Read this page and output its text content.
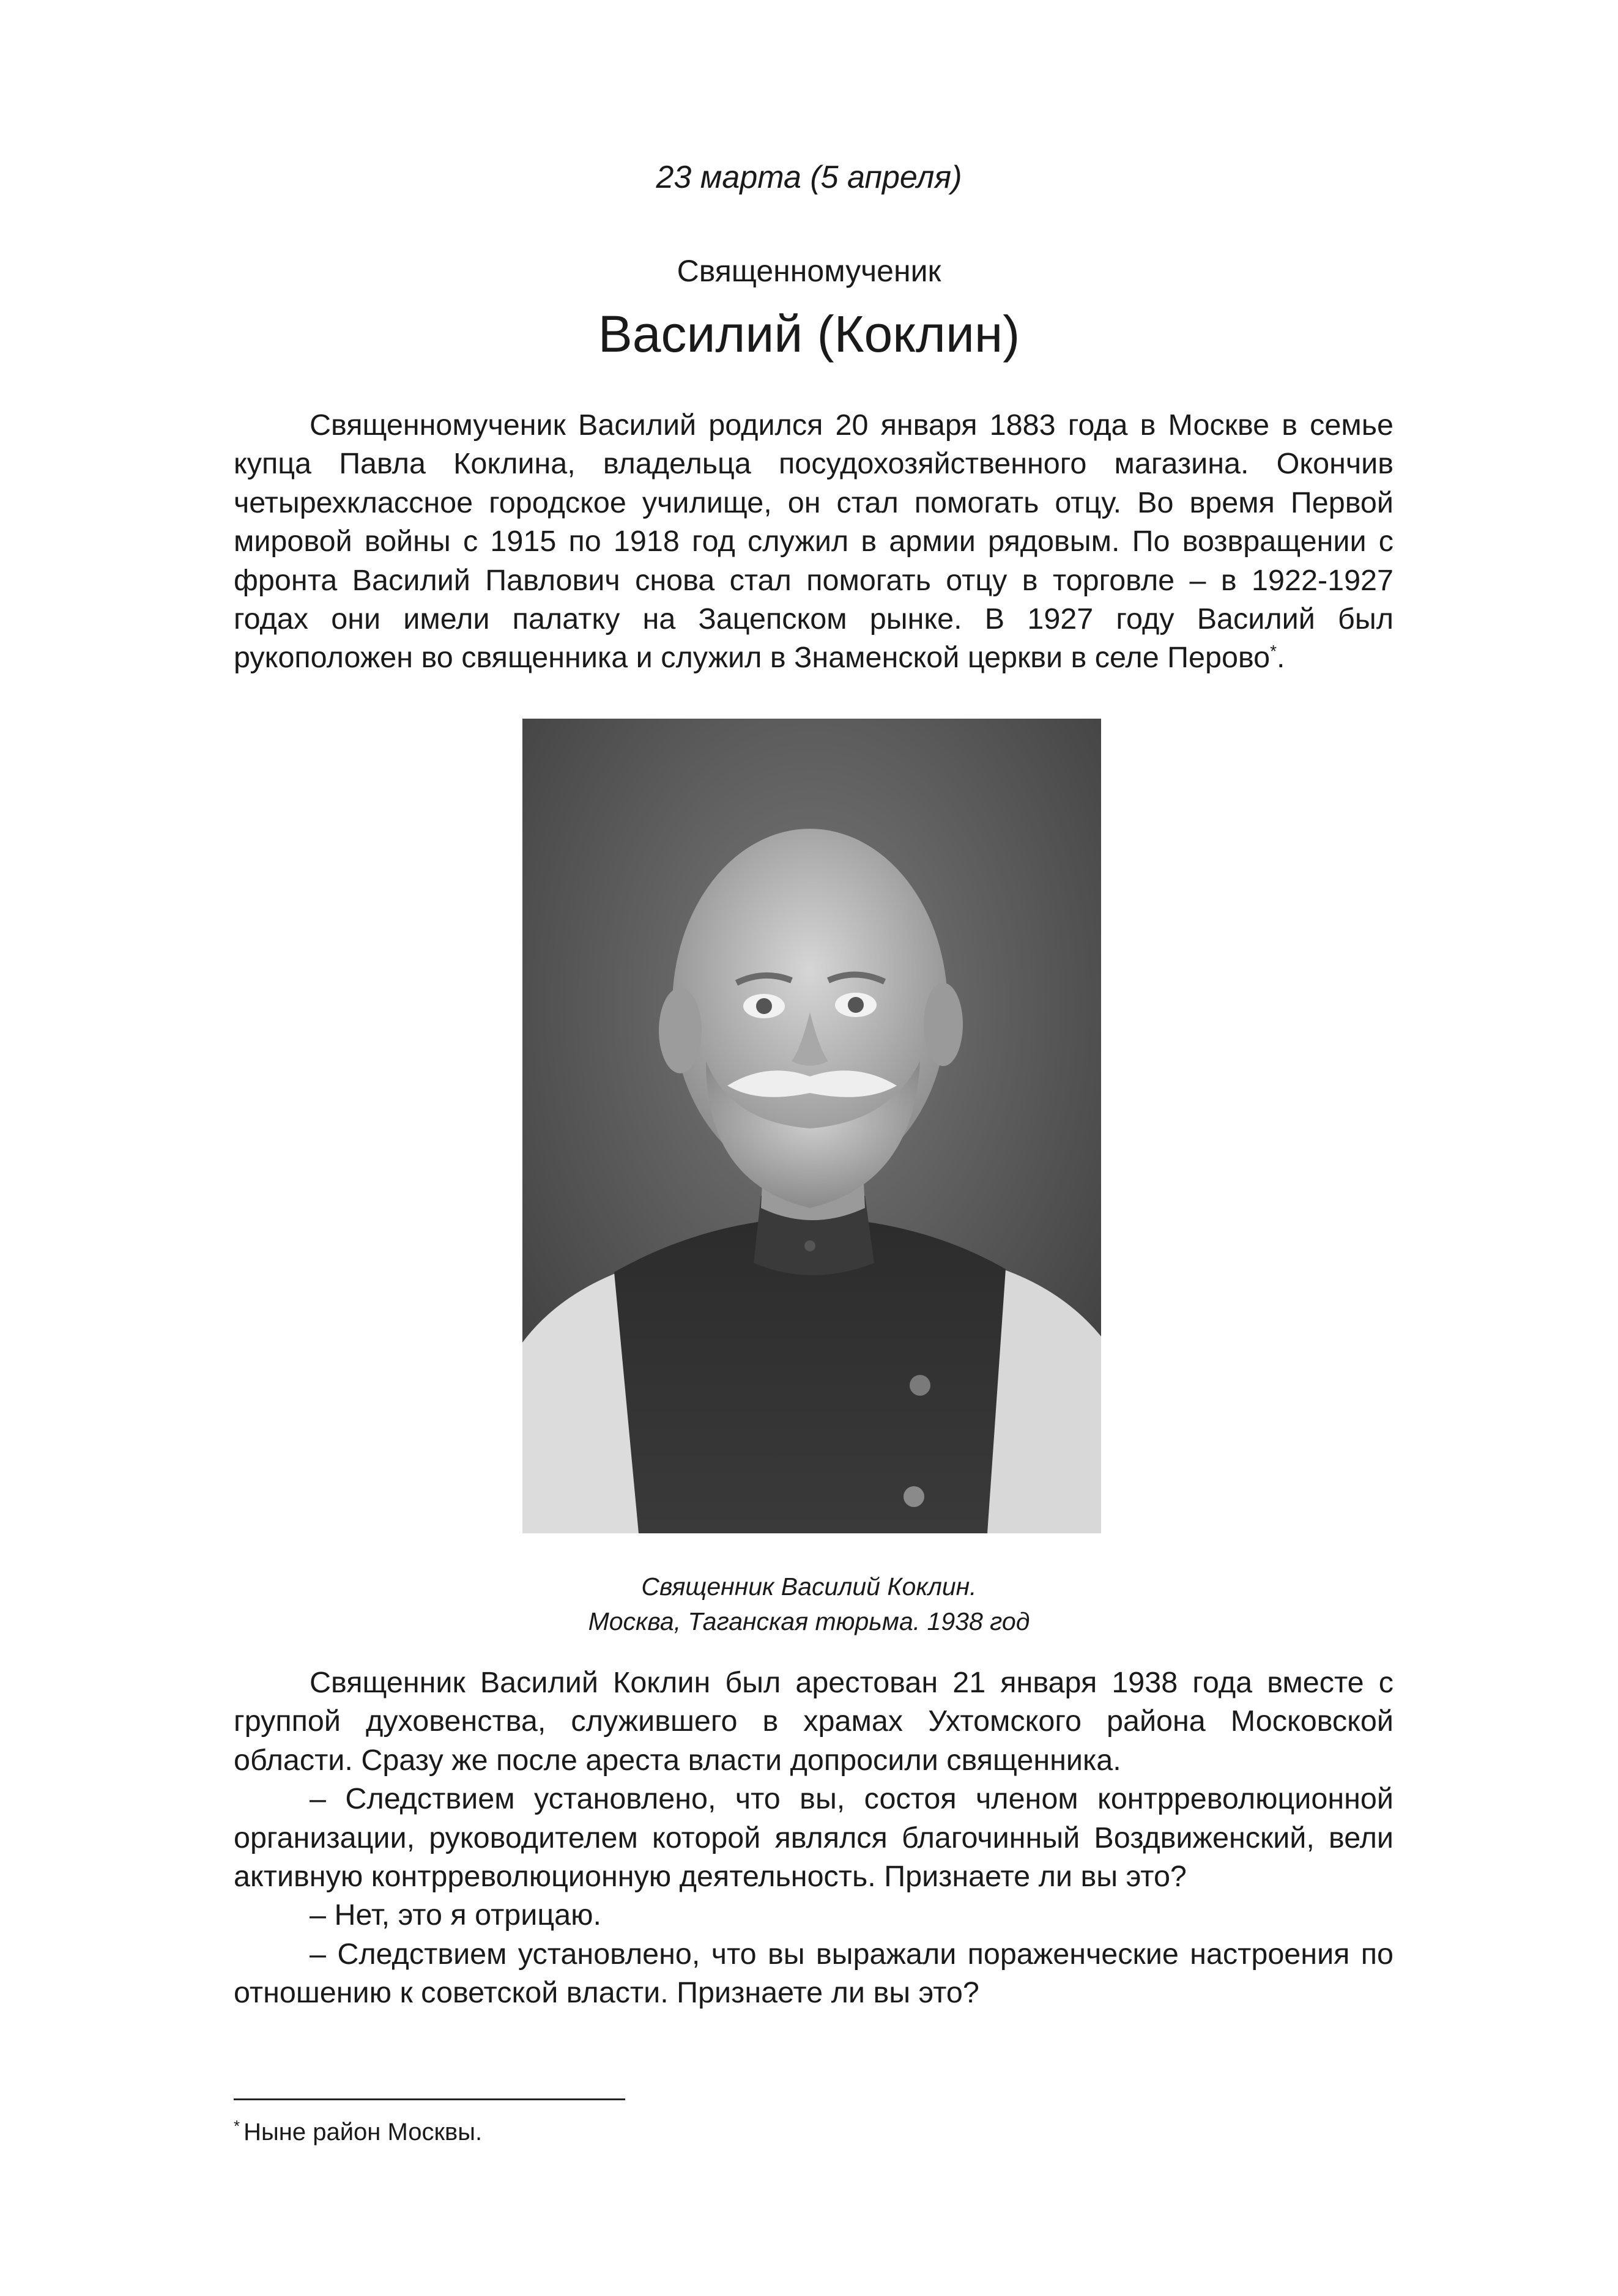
23 марта (5 апреля)
Священномученик
Василий (Коклин)

Священномученик Василий родился 20 января 1883 года в Москве в семье купца Павла Коклина, владельца посудохозяйственного магазина. Окончив четырехклассное городское училище, он стал помогать отцу. Во время Первой мировой войны с 1915 по 1918 год служил в армии рядовым. По возвращении с фронта Василий Павлович снова стал помогать отцу в торговле – в 1922-1927 годах они имели палатку на Зацепском рынке. В 1927 году Василий был рукоположен во священника и служил в Знаменской церкви в селе Перово*.

Священник Василий Коклин.
Москва, Таганская тюрьма. 1938 год

Священник Василий Коклин был арестован 21 января 1938 года вместе с группой духовенства, служившего в храмах Ухтомского района Московской области. Сразу же после ареста власти допросили священника.

– Следствием установлено, что вы, состоя членом контрреволюционной организации, руководителем которой являлся благочинный Воздвиженский, вели активную контрреволюционную деятельность. Признаете ли вы это?

– Нет, это я отрицаю.

– Следствием установлено, что вы выражали пораженческие настроения по отношению к советской власти. Признаете ли вы это?

* Ныне район Москвы.
